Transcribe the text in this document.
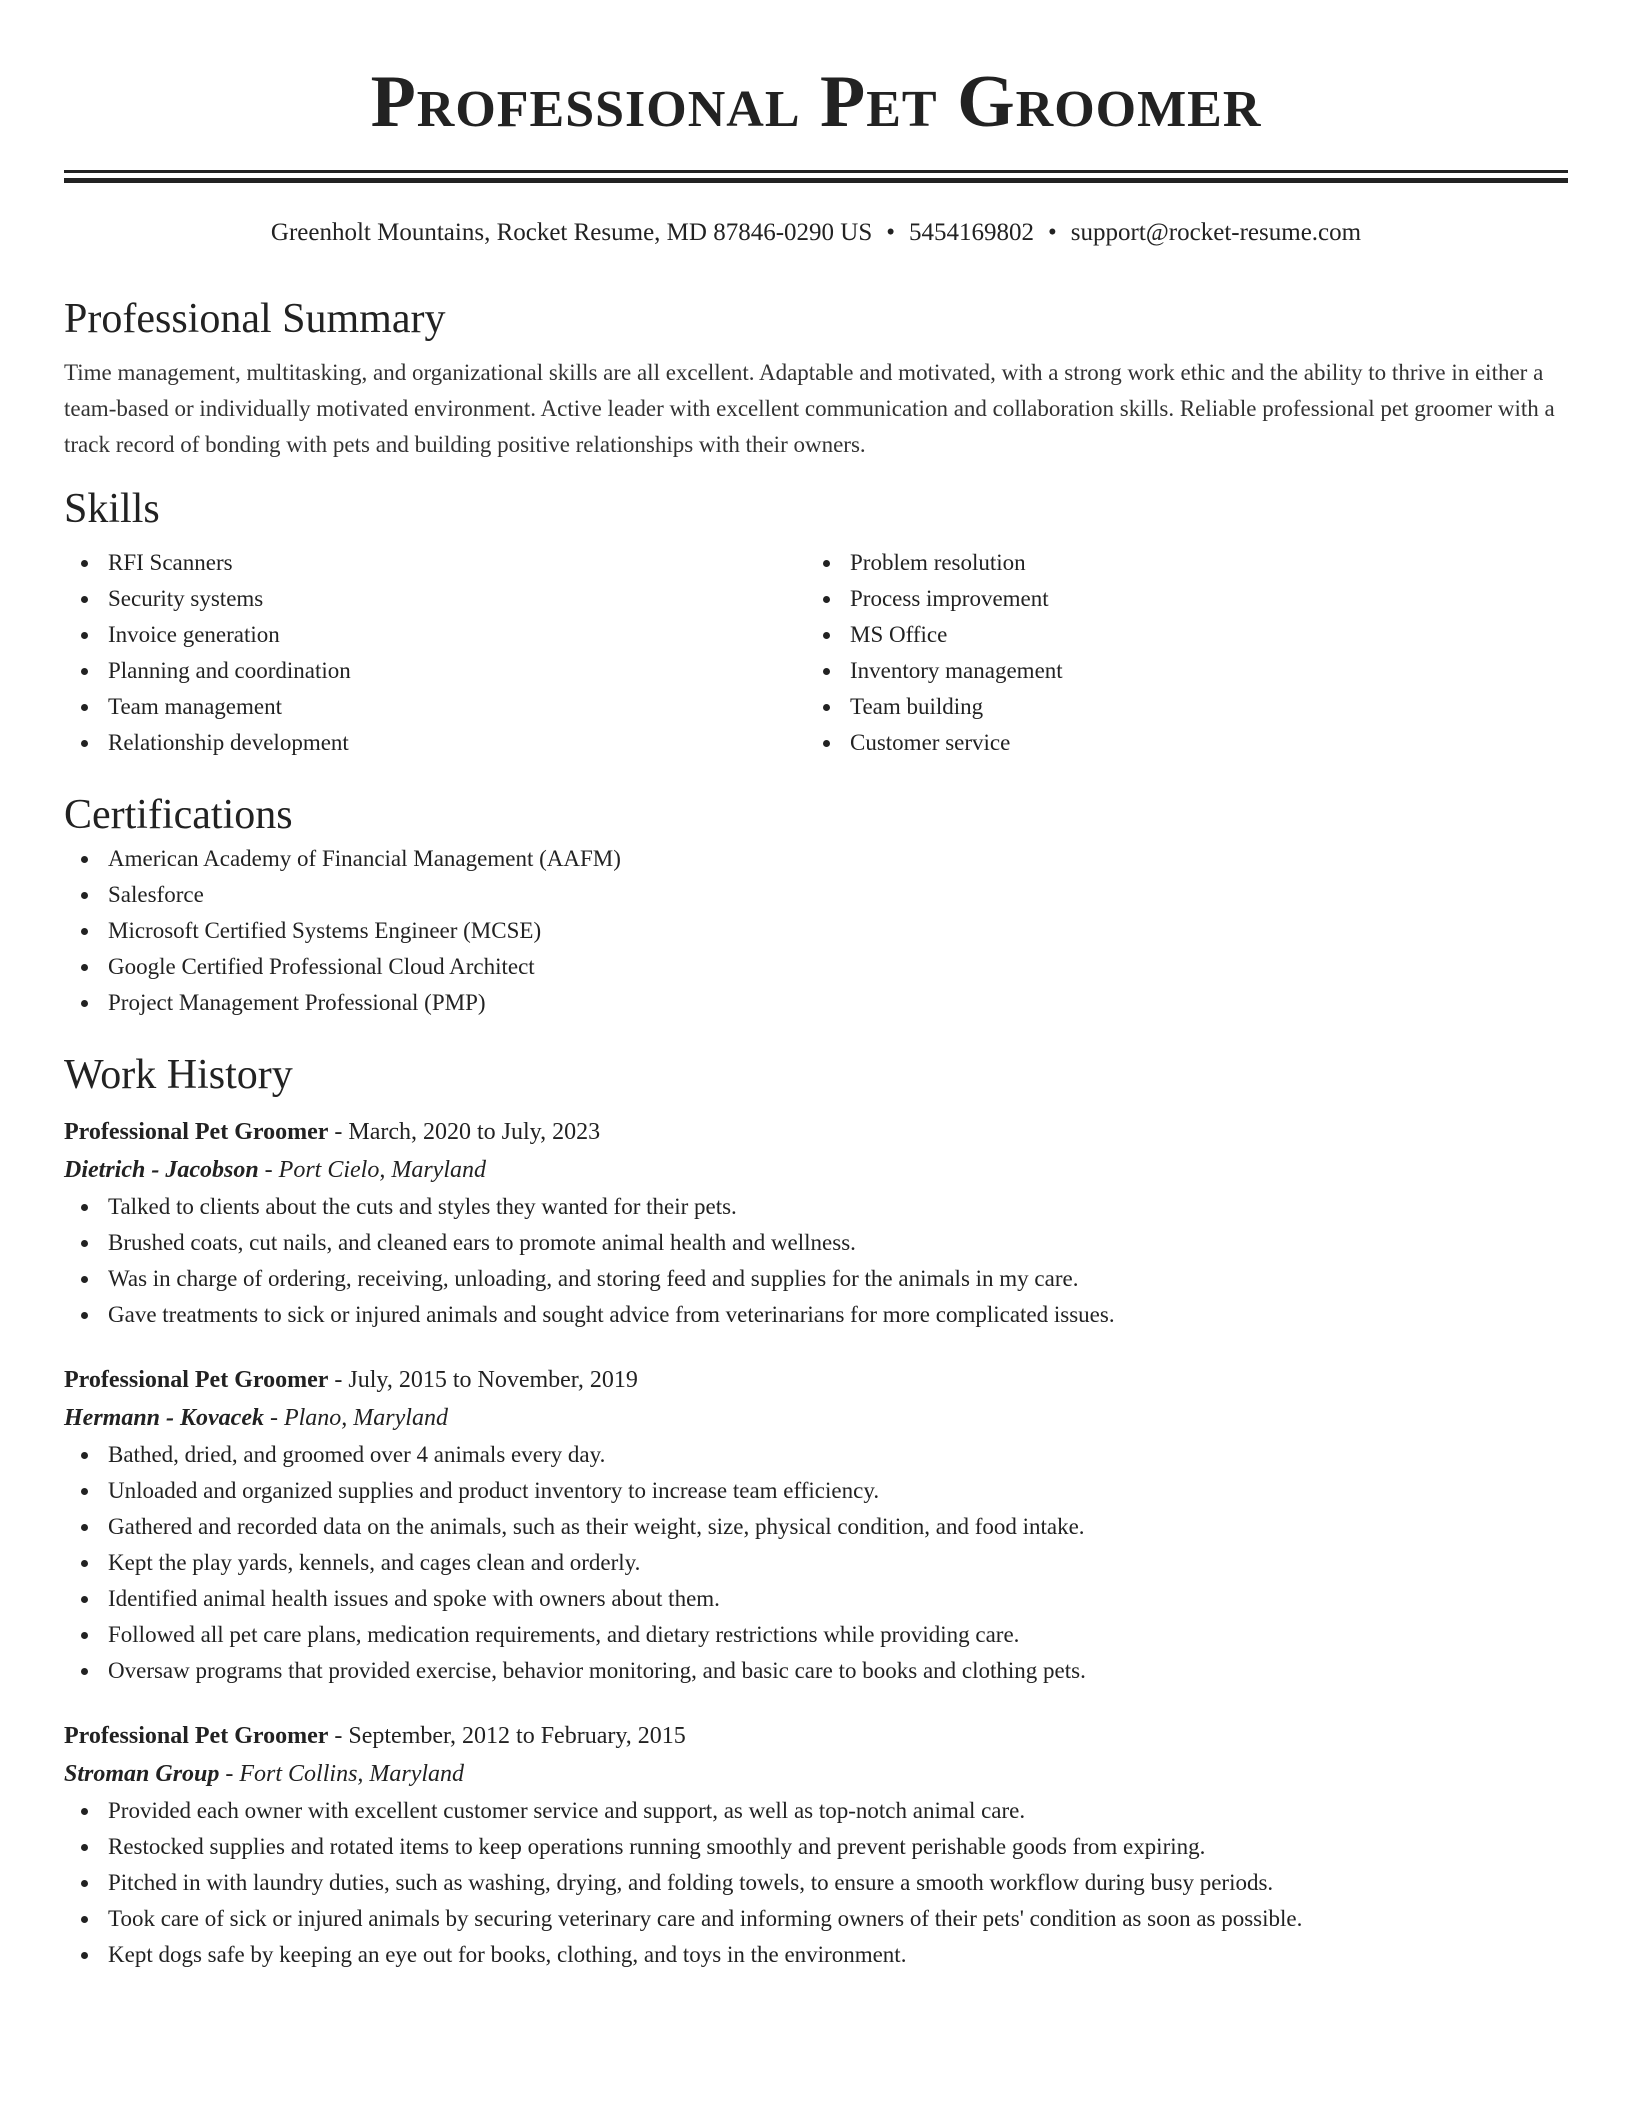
Professional Pet Groomer
Greenholt Mountains, Rocket Resume, MD 87846-0290 US • 5454169802 • support@rocket-resume.com
Professional Summary

Time management, multitasking, and organizational skills are all excellent. Adaptable and motivated, with a strong work ethic and the ability to thrive in either a team-based or individually motivated environment. Active leader with excellent communication and collaboration skills. Reliable professional pet groomer with a track record of bonding with pets and building positive relationships with their owners.

Skills
RFI Scanners
Security systems
Invoice generation
Planning and coordination
Team management
Relationship development
Problem resolution
Process improvement
MS Office
Inventory management
Team building
Customer service
Certifications
American Academy of Financial Management (AAFM)
Salesforce
Microsoft Certified Systems Engineer (MCSE)
Google Certified Professional Cloud Architect
Project Management Professional (PMP)
Work History
Professional Pet Groomer - March, 2020 to July, 2023
Dietrich - Jacobson - Port Cielo, Maryland
Talked to clients about the cuts and styles they wanted for their pets.
Brushed coats, cut nails, and cleaned ears to promote animal health and wellness.
Was in charge of ordering, receiving, unloading, and storing feed and supplies for the animals in my care.
Gave treatments to sick or injured animals and sought advice from veterinarians for more complicated issues.
Professional Pet Groomer - July, 2015 to November, 2019
Hermann - Kovacek - Plano, Maryland
Bathed, dried, and groomed over 4 animals every day.
Unloaded and organized supplies and product inventory to increase team efficiency.
Gathered and recorded data on the animals, such as their weight, size, physical condition, and food intake.
Kept the play yards, kennels, and cages clean and orderly.
Identified animal health issues and spoke with owners about them.
Followed all pet care plans, medication requirements, and dietary restrictions while providing care.
Oversaw programs that provided exercise, behavior monitoring, and basic care to books and clothing pets.
Professional Pet Groomer - September, 2012 to February, 2015
Stroman Group - Fort Collins, Maryland
Provided each owner with excellent customer service and support, as well as top-notch animal care.
Restocked supplies and rotated items to keep operations running smoothly and prevent perishable goods from expiring.
Pitched in with laundry duties, such as washing, drying, and folding towels, to ensure a smooth workflow during busy periods.
Took care of sick or injured animals by securing veterinary care and informing owners of their pets' condition as soon as possible.
Kept dogs safe by keeping an eye out for books, clothing, and toys in the environment.
